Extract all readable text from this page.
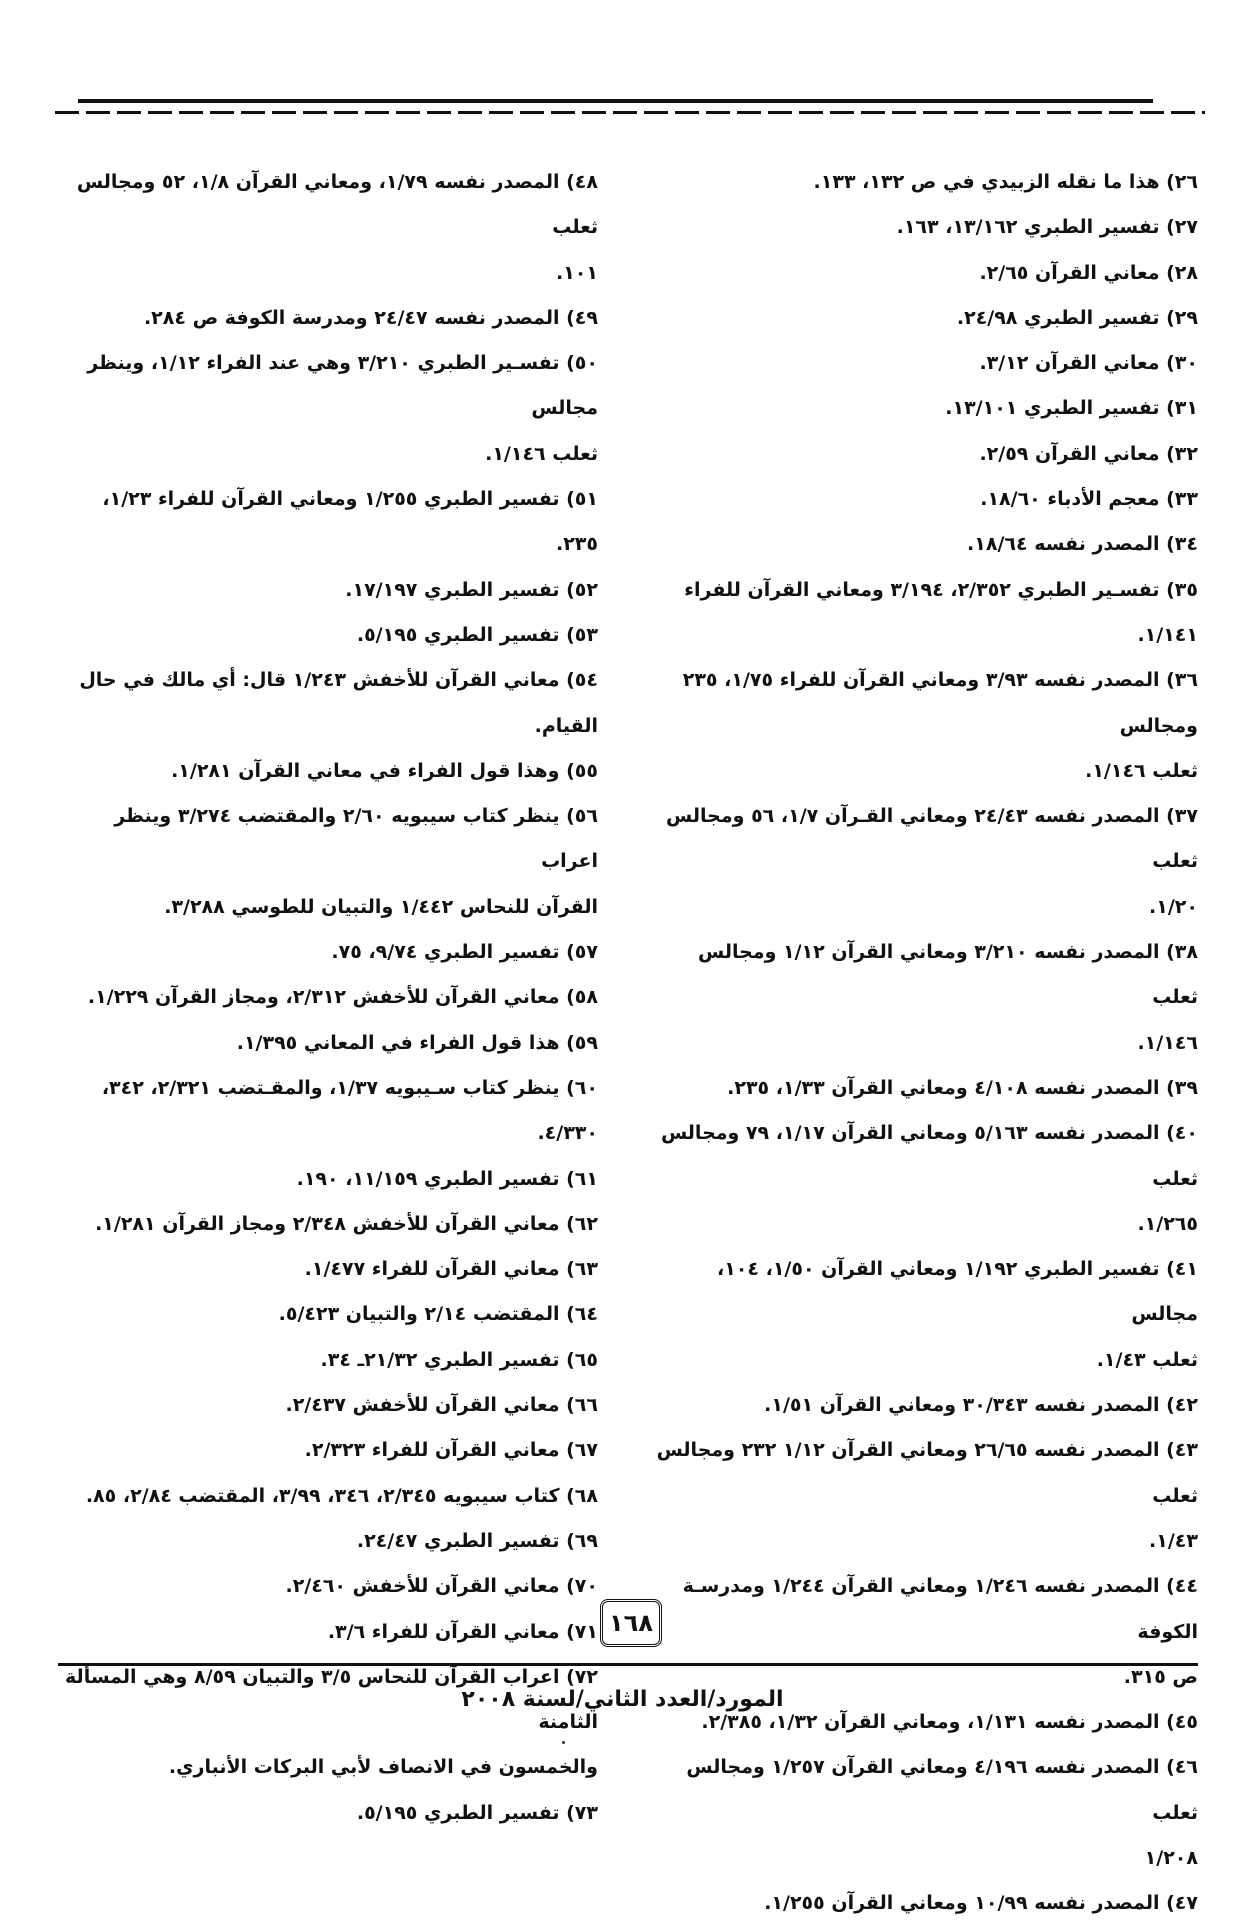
٢٦) هذا ما نقله الزبيدي في ص ١٣٢، ١٣٣.

٢٧) تفسير الطبري ١٣/١٦٢، ١٦٣.

٢٨) معاني القرآن ٢/٦٥.

٢٩) تفسير الطبري ٢٤/٩٨.

٣٠) معاني القرآن ٣/١٢.

٣١) تفسير الطبري ١٣/١٠١.

٣٢) معاني القرآن ٢/٥٩.

٣٣) معجم الأدباء ١٨/٦٠.

٣٤) المصدر نفسه ١٨/٦٤.

٣٥) تفسـير الطبري ٢/٣٥٢، ٣/١٩٤ ومعاني القرآن للفراء
١/١٤١.

٣٦) المصدر نفسه ٣/٩٣ ومعاني القرآن للفراء ١/٧٥، ٢٣٥ ومجالس
ثعلب ١/١٤٦.

٣٧) المصدر نفسه ٢٤/٤٣ ومعاني القـرآن ١/٧، ٥٦ ومجالس ثعلب
١/٢٠.

٣٨) المصدر نفسه ٣/٢١٠ ومعاني القرآن ١/١٢ ومجالس ثعلب
١/١٤٦.

٣٩) المصدر نفسه ٤/١٠٨ ومعاني القرآن ١/٣٣، ٢٣٥.

٤٠) المصدر نفسه ٥/١٦٣ ومعاني القرآن ١/١٧، ٧٩ ومجالس ثعلب
١/٢٦٥.

٤١) تفسير الطبري ١/١٩٢ ومعاني القرآن ١/٥٠، ١٠٤، مجالس
ثعلب ١/٤٣.

٤٢) المصدر نفسه ٣٠/٣٤٣ ومعاني القرآن ١/٥١.

٤٣) المصدر نفسه ٢٦/٦٥ ومعاني القرآن ١/١٢ ٢٣٢ ومجالس ثعلب
١/٤٣.

٤٤) المصدر نفسه ١/٢٤٦ ومعاني القرآن ١/٢٤٤ ومدرسـة الكوفة
ص ٣١٥.

٤٥) المصدر نفسه ١/١٣١، ومعاني القرآن ١/٣٢، ٢/٣٨٥.

٤٦) المصدر نفسه ٤/١٩٦ ومعاني القرآن ١/٢٥٧ ومجالس ثعلب
١/٢٠٨

٤٧) المصدر نفسه ١٠/٩٩ ومعاني القرآن ١/٢٥٥.

٤٨) المصدر نفسه ١/٧٩، ومعاني القرآن ١/٨، ٥٢ ومجالس ثعلب
١٠١.

٤٩) المصدر نفسه ٢٤/٤٧ ومدرسة الكوفة ص ٢٨٤.

٥٠) تفسـير الطبري ٣/٢١٠ وهي عند الفراء ١/١٢، وينظر مجالس
ثعلب ١/١٤٦.

٥١) تفسير الطبري ١/٢٥٥ ومعاني القرآن للفراء ١/٢٣، ٢٣٥.

٥٢) تفسير الطبري ١٧/١٩٧.

٥٣) تفسير الطبري ٥/١٩٥.

٥٤) معاني القرآن للأخفش ١/٢٤٣ قال: أي مالك في حال القيام.

٥٥) وهذا قول الفراء في معاني القرآن ١/٢٨١.

٥٦) ينظر كتاب سيبويه ٢/٦٠ والمقتضب ٣/٢٧٤ وينظر اعراب
القرآن للنحاس ١/٤٤٢ والتبيان للطوسي ٣/٢٨٨.

٥٧) تفسير الطبري ٩/٧٤، ٧٥.

٥٨) معاني القرآن للأخفش ٢/٣١٢، ومجاز القرآن ١/٢٢٩.

٥٩) هذا قول الفراء في المعاني ١/٣٩٥.

٦٠) ينظر كتاب سـيبويه ١/٣٧، والمقـتضب ٢/٣٢١، ٣٤٢،
٤/٣٣٠.

٦١) تفسير الطبري ١١/١٥٩، ١٩٠.

٦٢) معاني القرآن للأخفش ٢/٣٤٨ ومجاز القرآن ١/٢٨١.

٦٣) معاني القرآن للفراء ١/٤٧٧.

٦٤) المقتضب ٢/١٤ والتبيان ٥/٤٢٣.

٦٥) تفسير الطبري ٢١/٣٢ـ ٣٤.

٦٦) معاني القرآن للأخفش ٢/٤٣٧.

٦٧) معاني القرآن للفراء ٢/٣٢٣.

٦٨) كتاب سيبويه ٢/٣٤٥، ٣٤٦، ٣/٩٩، المقتضب ٢/٨٤، ٨٥.

٦٩) تفسير الطبري ٢٤/٤٧.

٧٠) معاني القرآن للأخفش ٢/٤٦٠.

٧١) معاني القرآن للفراء ٣/٦.

٧٢) اعراب القرآن للنحاس ٣/٥ والتبيان ٨/٥٩ وهي المسألة الثامنة
والخمسون في الانصاف لأبي البركات الأنباري.

٧٣) تفسير الطبري ٥/١٩٥.

١٦٨
المورد/العدد الثاني/لسنة ٢٠٠٨
